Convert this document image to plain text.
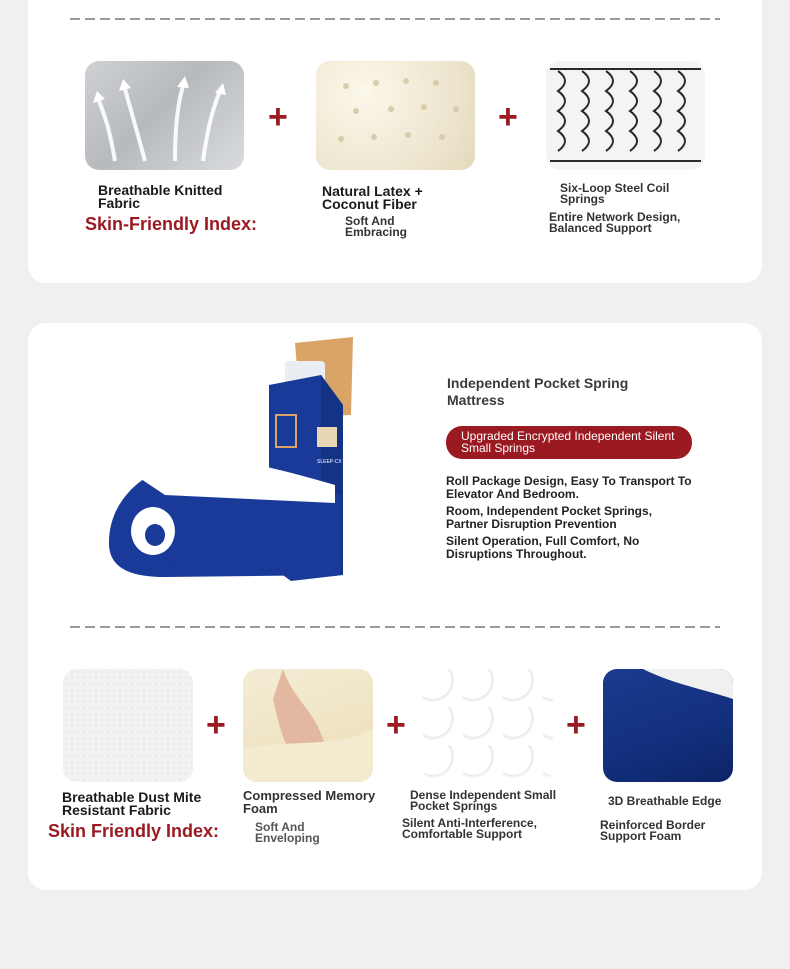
+	+
Breathable Knitted Fabric
Skin-Friendly Index:
Natural Latex + Coconut Fiber
Soft And Embracing
Six-Loop Steel Coil Springs
Entire Network Design, Balanced Support
SLEEP-CX
Independent Pocket Spring Mattress
Upgraded Encrypted Independent Silent Small Springs
Roll Package Design, Easy To Transport To Elevator And Bedroom.
Room, Independent Pocket Springs, Partner Disruption Prevention
Silent Operation, Full Comfort, No Disruptions Throughout.
+	+	+
Breathable Dust Mite Resistant Fabric
Skin Friendly Index:
Compressed Memory Foam
Soft And Enveloping
Dense Independent Small Pocket Springs
Silent Anti-Interference, Comfortable Support
3D Breathable Edge
Reinforced Border Support Foam
